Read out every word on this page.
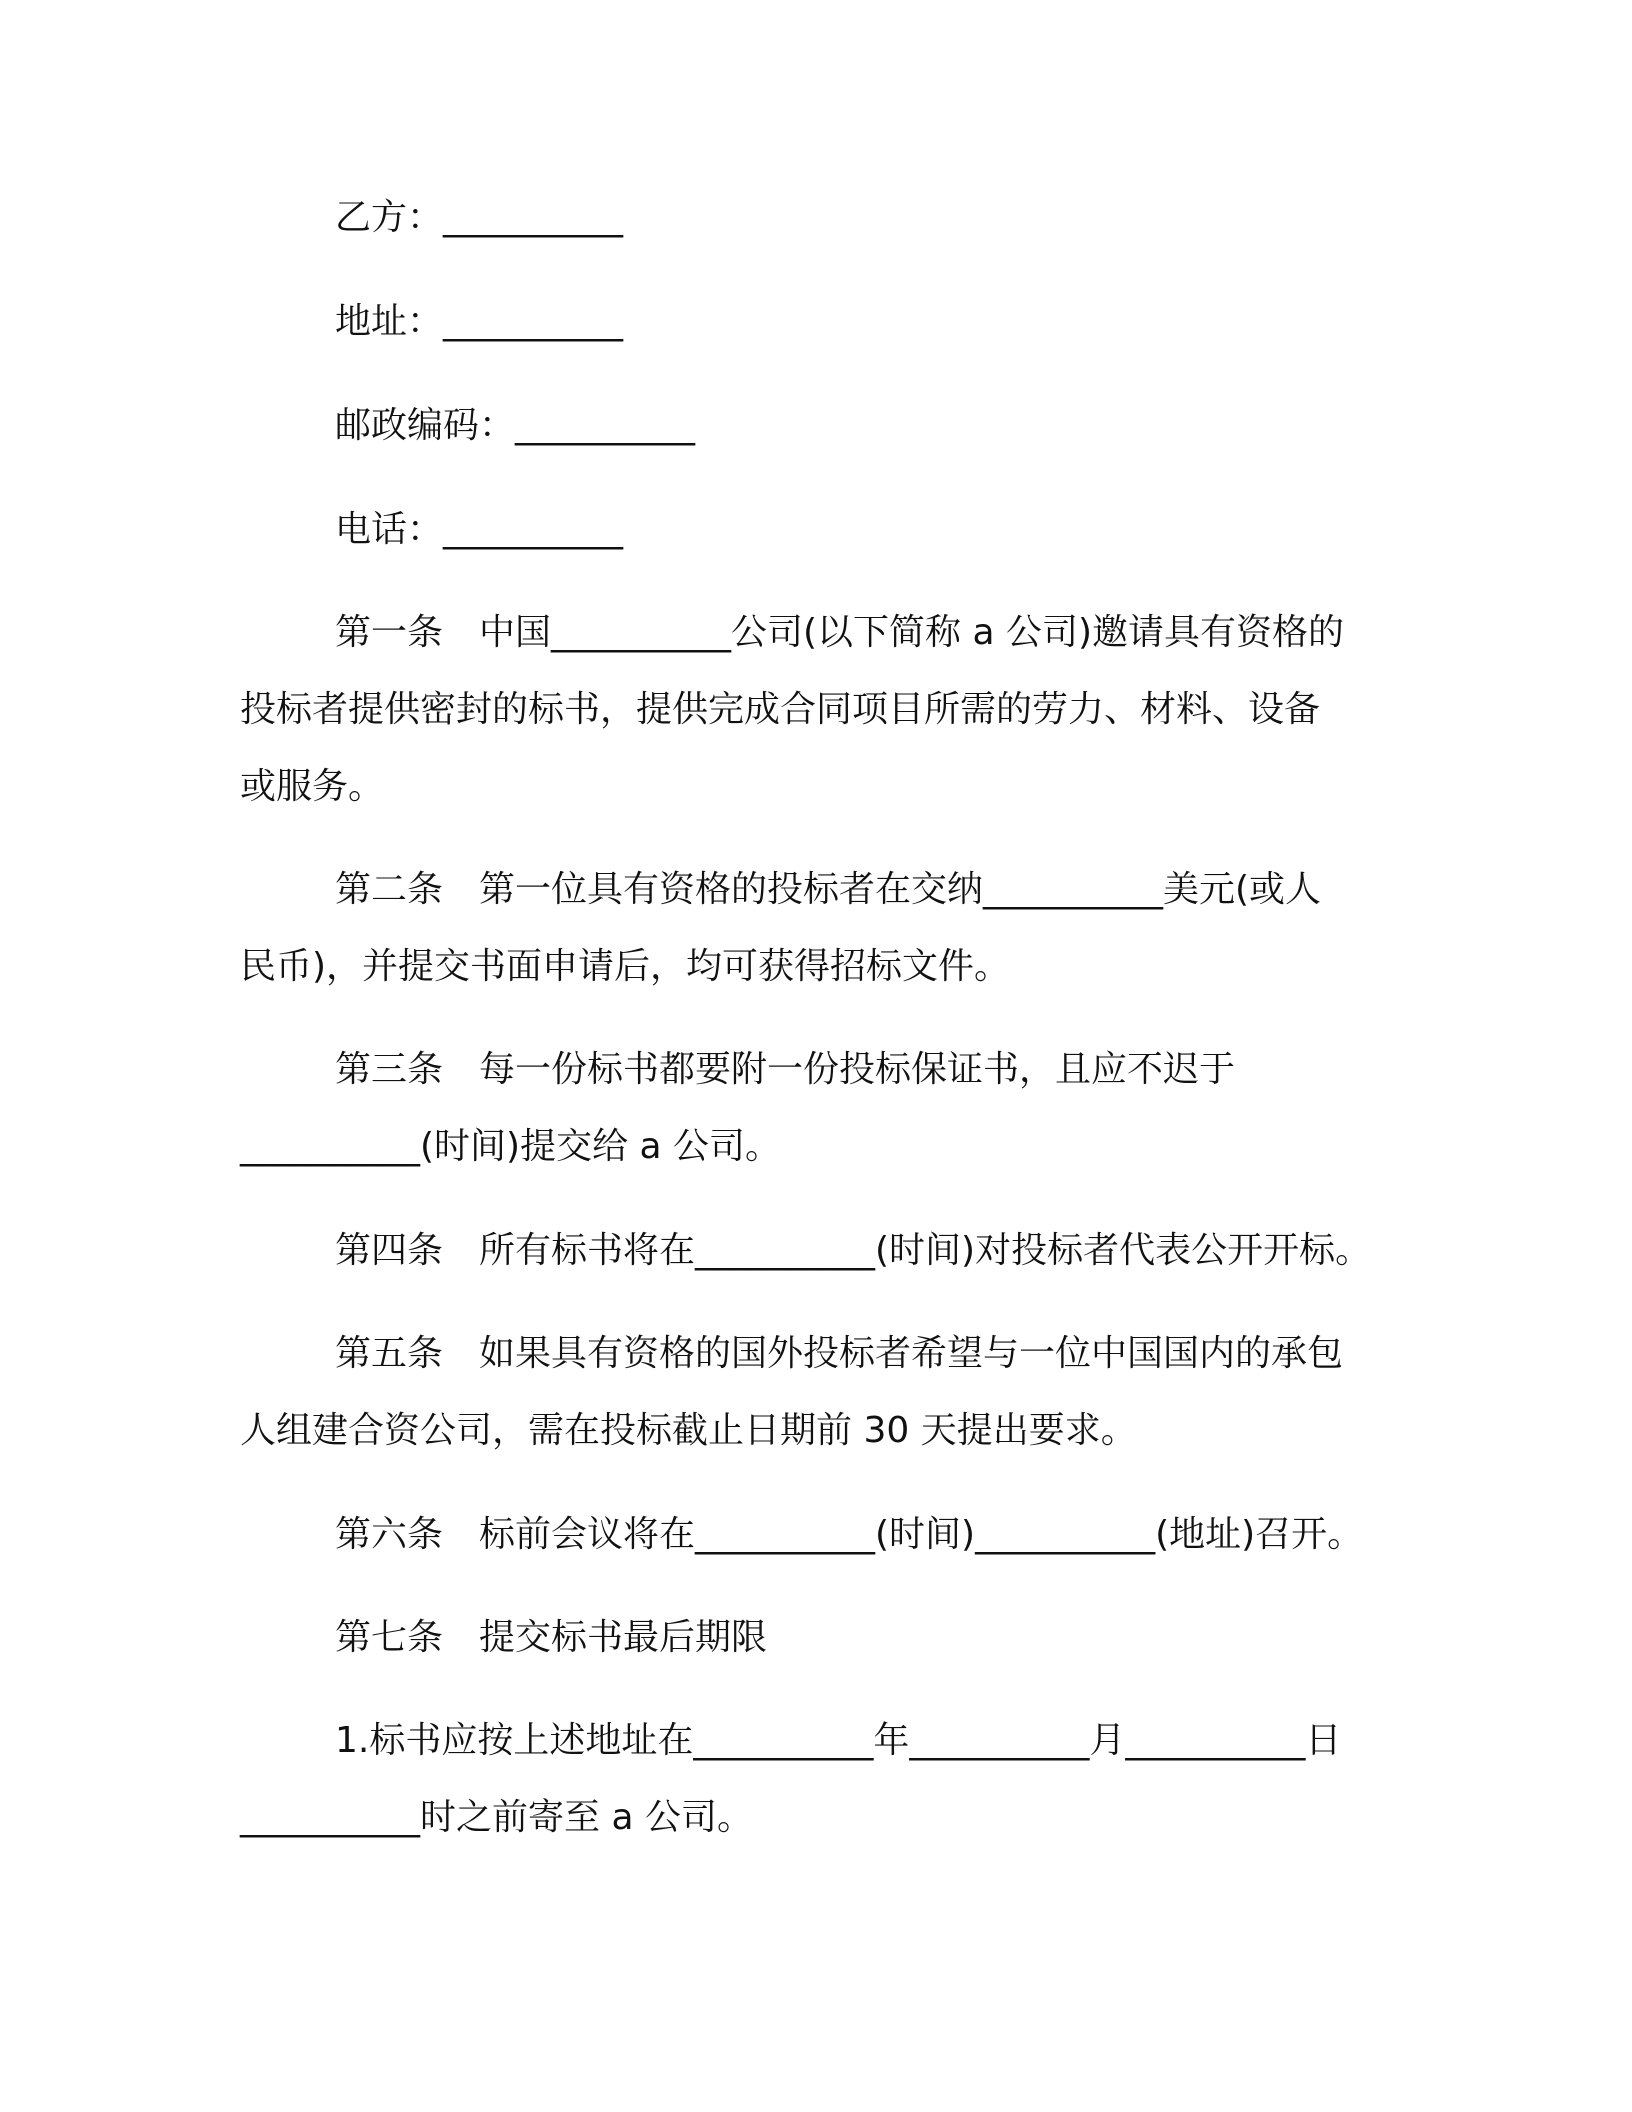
乙方：__________
地址：__________
邮政编码：__________
电话：__________
第一条　中国__________公司(以下简称 a 公司)邀请具有资格的
投标者提供密封的标书，提供完成合同项目所需的劳力、材料、设备
或服务。
第二条　第一位具有资格的投标者在交纳__________美元(或人
民币)，并提交书面申请后，均可获得招标文件。
第三条　每一份标书都要附一份投标保证书，且应不迟于
__________(时间)提交给 a 公司。
第四条　所有标书将在__________(时间)对投标者代表公开开标。
第五条　如果具有资格的国外投标者希望与一位中国国内的承包
人组建合资公司，需在投标截止日期前 30 天提出要求。
第六条　标前会议将在__________(时间)__________(地址)召开。
第七条　提交标书最后期限
1.标书应按上述地址在__________年__________月__________日
__________时之前寄至 a 公司。
